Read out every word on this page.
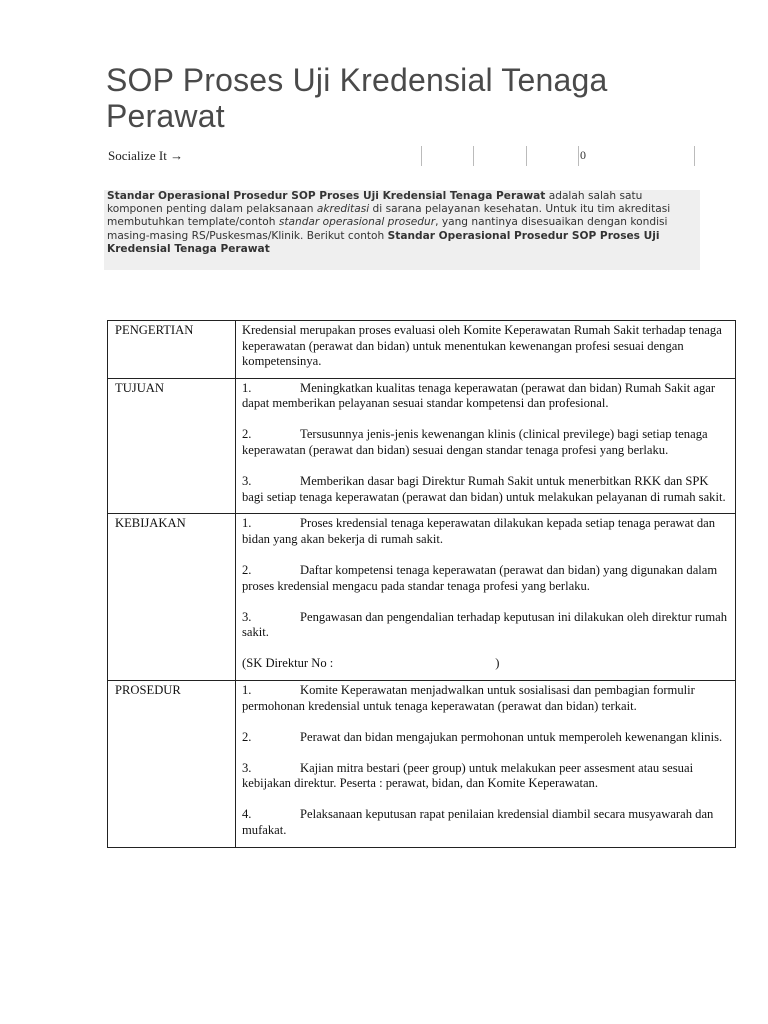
SOP Proses Uji Kredensial Tenaga Perawat
Socialize It →	0
Standar Operasional Prosedur SOP Proses Uji Kredensial Tenaga Perawat adalah salah satu komponen penting dalam pelaksanaan akreditasi di sarana pelayanan kesehatan. Untuk itu tim akreditasi membutuhkan template/contoh standar operasional prosedur, yang nantinya disesuaikan dengan kondisi masing-masing RS/Puskesmas/Klinik. Berikut contoh Standar Operasional Prosedur SOP Proses Uji Kredensial Tenaga Perawat
PENGERTIAN	Kredensial merupakan proses evaluasi oleh Komite Keperawatan Rumah Sakit terhadap tenaga keperawatan (perawat dan bidan) untuk menentukan kewenangan profesi sesuai dengan kompetensinya.

TUJUAN	1. Meningkatkan kualitas tenaga keperawatan (perawat dan bidan) Rumah Sakit agar dapat memberikan pelayanan sesuai standar kompetensi dan profesional.
2. Tersusunnya jenis-jenis kewenangan klinis (clinical previlege) bagi setiap tenaga keperawatan (perawat dan bidan) sesuai dengan standar tenaga profesi yang berlaku.
3. Memberikan dasar bagi Direktur Rumah Sakit untuk menerbitkan RKK dan SPK bagi setiap tenaga keperawatan (perawat dan bidan) untuk melakukan pelayanan di rumah sakit.

KEBIJAKAN	1. Proses kredensial tenaga keperawatan dilakukan kepada setiap tenaga perawat dan bidan yang akan bekerja di rumah sakit.
2. Daftar kompetensi tenaga keperawatan (perawat dan bidan) yang digunakan dalam proses kredensial mengacu pada standar tenaga profesi yang berlaku.
3. Pengawasan dan pengendalian terhadap keputusan ini dilakukan oleh direktur rumah sakit.
(SK Direktur No : )

PROSEDUR	1. Komite Keperawatan menjadwalkan untuk sosialisasi dan pembagian formulir permohonan kredensial untuk tenaga keperawatan (perawat dan bidan) terkait.
2. Perawat dan bidan mengajukan permohonan untuk memperoleh kewenangan klinis.
3. Kajian mitra bestari (peer group) untuk melakukan peer assesment atau sesuai kebijakan direktur. Peserta : perawat, bidan, dan Komite Keperawatan.
4. Pelaksanaan keputusan rapat penilaian kredensial diambil secara musyawarah dan mufakat.
